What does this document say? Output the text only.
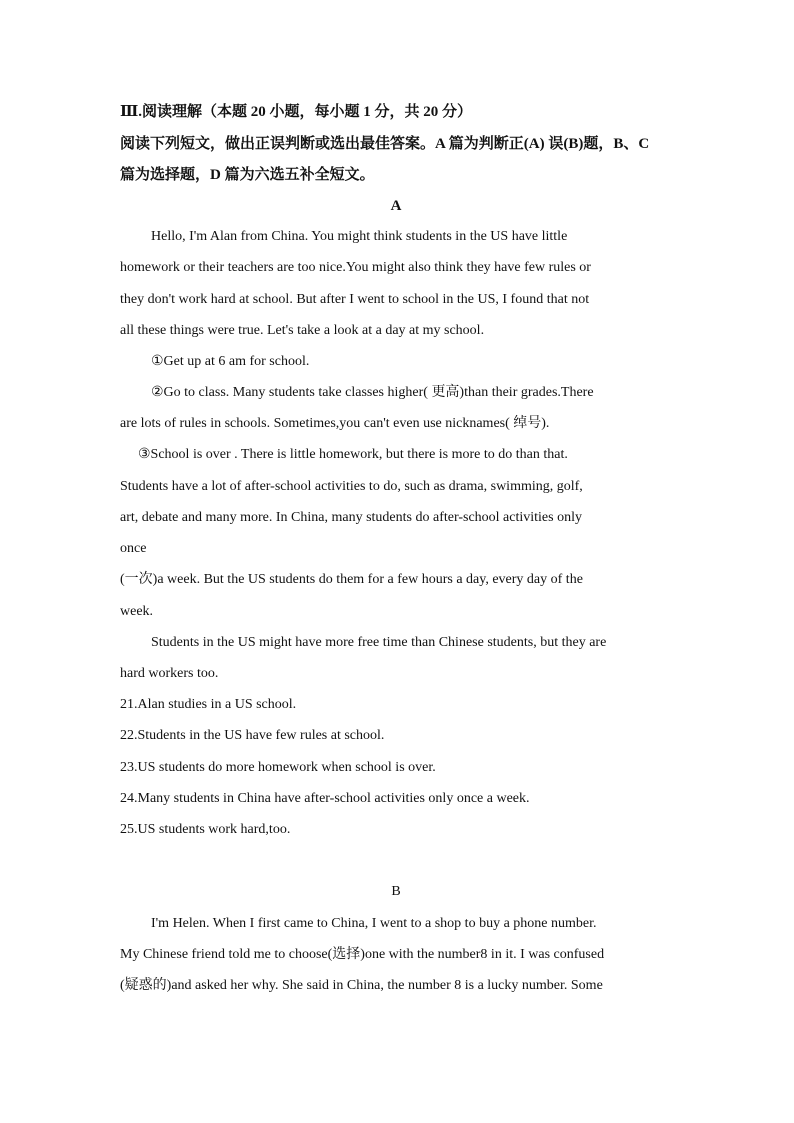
Ⅲ.阅读理解（本题 20 小题，每小题 1 分，共 20 分）
阅读下列短文，做出正误判断或选出最佳答案。A 篇为判断正(A) 误(B)题，B、C
篇为选择题，D 篇为六选五补全短文。
A
Hello, I'm Alan from China. You might think students in the US have little
homework or their teachers are too nice.You might also think they have few rules or
they don't work hard at school. But after I went to school in the US, I found that not
all these things were true. Let's take a look at a day at my school.
①Get up at 6 am for school.
②Go to class. Many students take classes higher( 更高)than their grades.There
are lots of rules in schools. Sometimes,you can't even use nicknames( 绰号).
③School is over . There is little homework, but there is more to do than that.
Students have a lot of after-school activities to do, such as drama, swimming, golf,
art, debate and many more. In China, many students do after-school activities only
once
(一次)a week. But the US students do them for a few hours a day, every day of the
week.
Students in the US might have more free time than Chinese students, but they are
hard workers too.
21.Alan studies in a US school.
22.Students in the US have few rules at school.
23.US students do more homework when school is over.
24.Many students in China have after-school activities only once a week.
25.US students work hard,too.
B
I'm Helen. When I first came to China, I went to a shop to buy a phone number.
My Chinese friend told me to choose(选择)one with the number8 in it. I was confused
(疑惑的)and asked her why. She said in China, the number 8 is a lucky number. Some
